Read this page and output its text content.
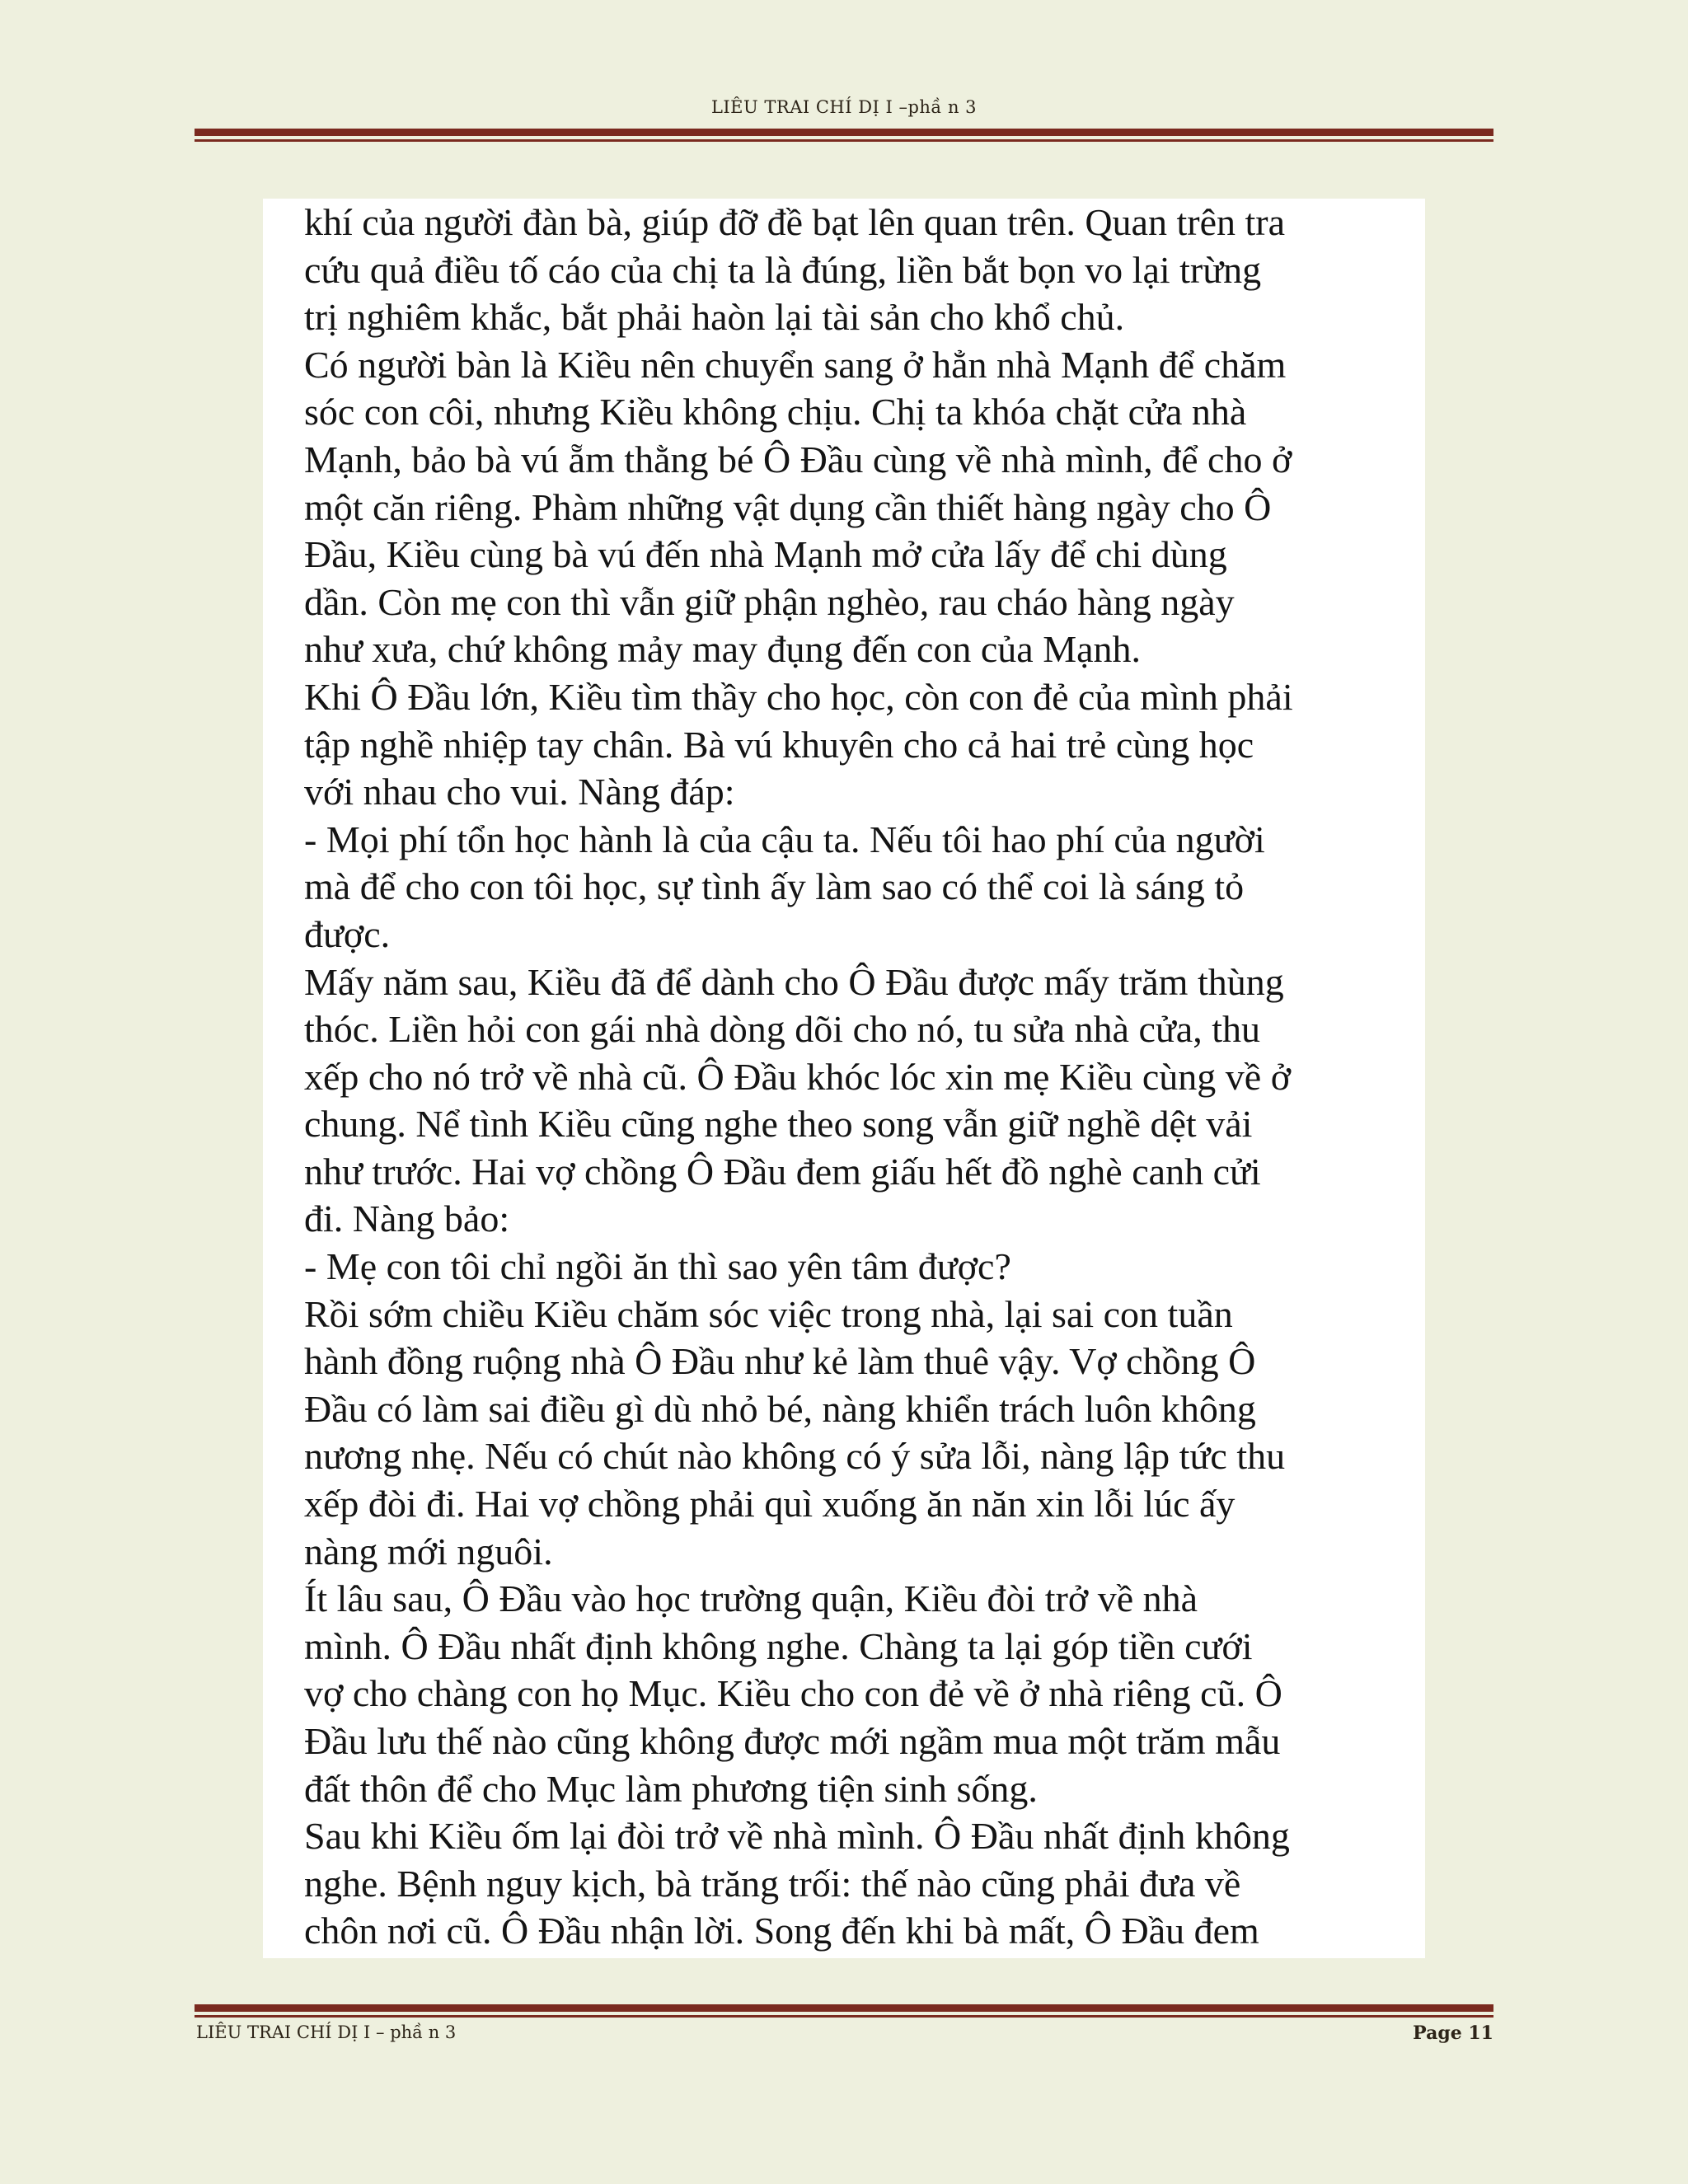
LIÊU TRAI CHÍ DỊ I –phầ n 3
khí của người đàn bà, giúp đỡ đề bạt lên quan trên. Quan trên tra
cứu quả điều tố cáo của chị ta là đúng, liền bắt bọn vo lại trừng
trị nghiêm khắc, bắt phải haòn lại tài sản cho khổ chủ.
Có người bàn là Kiều nên chuyển sang ở hẳn nhà Mạnh để chăm
sóc con côi, nhưng Kiều không chịu. Chị ta khóa chặt cửa nhà
Mạnh, bảo bà vú ẵm thằng bé Ô Đầu cùng về nhà mình, để cho ở
một căn riêng. Phàm những vật dụng cần thiết hàng ngày cho Ô
Đầu, Kiều cùng bà vú đến nhà Mạnh mở cửa lấy để chi dùng
dần. Còn mẹ con thì vẫn giữ phận nghèo, rau cháo hàng ngày
như xưa, chứ không mảy may đụng đến con của Mạnh.
Khi Ô Đầu lớn, Kiều tìm thầy cho học, còn con đẻ của mình phải
tập nghề nhiệp tay chân. Bà vú khuyên cho cả hai trẻ cùng học
với nhau cho vui. Nàng đáp:
- Mọi phí tổn học hành là của cậu ta. Nếu tôi hao phí của người
mà để cho con tôi học, sự tình ấy làm sao có thể coi là sáng tỏ
được.
Mấy năm sau, Kiều đã để dành cho Ô Đầu được mấy trăm thùng
thóc. Liền hỏi con gái nhà dòng dõi cho nó, tu sửa nhà cửa, thu
xếp cho nó trở về nhà cũ. Ô Đầu khóc lóc xin mẹ Kiều cùng về ở
chung. Nể tình Kiều cũng nghe theo song vẫn giữ nghề dệt vải
như trước. Hai vợ chồng Ô Đầu đem giấu hết đồ nghè canh cửi
đi. Nàng bảo:
- Mẹ con tôi chỉ ngồi ăn thì sao yên tâm được?
Rồi sớm chiều Kiều chăm sóc việc trong nhà, lại sai con tuần
hành đồng ruộng nhà Ô Đầu như kẻ làm thuê vậy. Vợ chồng Ô
Đầu có làm sai điều gì dù nhỏ bé, nàng khiển trách luôn không
nương nhẹ. Nếu có chút nào không có ý sửa lỗi, nàng lập tức thu
xếp đòi đi. Hai vợ chồng phải quì xuống ăn năn xin lỗi lúc ấy
nàng mới nguôi.
Ít lâu sau, Ô Đầu vào học trường quận, Kiều đòi trở về nhà
mình. Ô Đầu nhất định không nghe. Chàng ta lại góp tiền cưới
vợ cho chàng con họ Mục. Kiều cho con đẻ về ở nhà riêng cũ. Ô
Đầu lưu thế nào cũng không được mới ngầm mua một trăm mẫu
đất thôn để cho Mục làm phương tiện sinh sống.
Sau khi Kiều ốm lại đòi trở về nhà mình. Ô Đầu nhất định không
nghe. Bệnh nguy kịch, bà trăng trối: thế nào cũng phải đưa về
chôn nơi cũ. Ô Đầu nhận lời. Song đến khi bà mất, Ô Đầu đem
LIÊU TRAI CHÍ DỊ I – phầ n 3	Page 11
